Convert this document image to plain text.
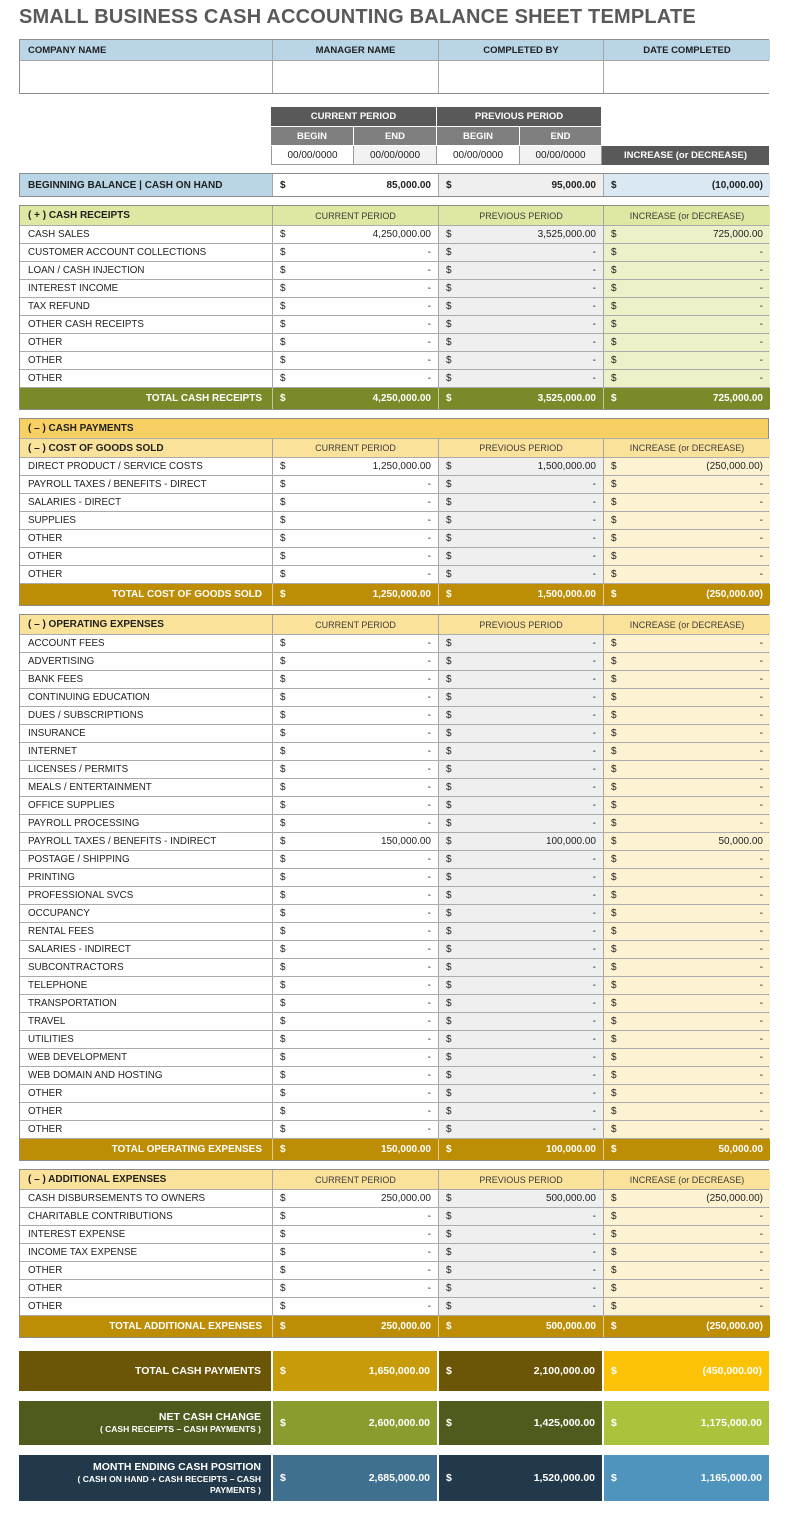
SMALL BUSINESS CASH ACCOUNTING BALANCE SHEET TEMPLATE
COMPANY NAME	MANAGER NAME	COMPLETED BY	DATE COMPLETED
CURRENT PERIOD	PREVIOUS PERIOD
BEGIN	END	BEGIN	END
00/00/0000	00/00/0000	00/00/0000	00/00/0000	INCREASE (or DECREASE)
BEGINNING BALANCE | CASH ON HAND	$	85,000.00 $	95,000.00 $	(10,000.00)
( + ) CASH RECEIPTS	CURRENT PERIOD	PREVIOUS PERIOD	INCREASE (or DECREASE)
CASH SALES	$	4,250,000.00 $	3,525,000.00 $	725,000.00
CUSTOMER ACCOUNT COLLECTIONS	$	- $	- $	-
LOAN / CASH INJECTION	$	- $	- $	-
INTEREST INCOME	$	- $	- $	-
TAX REFUND	$	- $	- $	-
OTHER CASH RECEIPTS	$	- $	- $	-
OTHER	$	- $	- $	-
OTHER	$	- $	- $	-
OTHER	$	- $	- $	-
TOTAL CASH RECEIPTS	$	4,250,000.00 $	3,525,000.00 $	725,000.00
( – ) CASH PAYMENTS
( – ) COST OF GOODS SOLD	CURRENT PERIOD	PREVIOUS PERIOD	INCREASE (or DECREASE)
DIRECT PRODUCT / SERVICE COSTS	$	1,250,000.00 $	1,500,000.00 $	(250,000.00)
PAYROLL TAXES / BENEFITS - DIRECT	$	- $	- $	-
SALARIES - DIRECT	$	- $	- $	-
SUPPLIES	$	- $	- $	-
OTHER	$	- $	- $	-
OTHER	$	- $	- $	-
OTHER	$	- $	- $	-
TOTAL COST OF GOODS SOLD	$	1,250,000.00 $	1,500,000.00 $	(250,000.00)
( – ) OPERATING EXPENSES	CURRENT PERIOD	PREVIOUS PERIOD	INCREASE (or DECREASE)
ACCOUNT FEES	$	- $	- $	-
ADVERTISING	$	- $	- $	-
BANK FEES	$	- $	- $	-
CONTINUING EDUCATION	$	- $	- $	-
DUES / SUBSCRIPTIONS	$	- $	- $	-
INSURANCE	$	- $	- $	-
INTERNET	$	- $	- $	-
LICENSES / PERMITS	$	- $	- $	-
MEALS / ENTERTAINMENT	$	- $	- $	-
OFFICE SUPPLIES	$	- $	- $	-
PAYROLL PROCESSING	$	- $	- $	-
PAYROLL TAXES / BENEFITS - INDIRECT	$	150,000.00 $	100,000.00 $	50,000.00
POSTAGE / SHIPPING	$	- $	- $	-
PRINTING	$	- $	- $	-
PROFESSIONAL SVCS	$	- $	- $	-
OCCUPANCY	$	- $	- $	-
RENTAL FEES	$	- $	- $	-
SALARIES - INDIRECT	$	- $	- $	-
SUBCONTRACTORS	$	- $	- $	-
TELEPHONE	$	- $	- $	-
TRANSPORTATION	$	- $	- $	-
TRAVEL	$	- $	- $	-
UTILITIES	$	- $	- $	-
WEB DEVELOPMENT	$	- $	- $	-
WEB DOMAIN AND HOSTING	$	- $	- $	-
OTHER	$	- $	- $	-
OTHER	$	- $	- $	-
OTHER	$	- $	- $	-
TOTAL OPERATING EXPENSES	$	150,000.00 $	100,000.00 $	50,000.00
( – ) ADDITIONAL EXPENSES	CURRENT PERIOD	PREVIOUS PERIOD	INCREASE (or DECREASE)
CASH DISBURSEMENTS TO OWNERS	$	250,000.00 $	500,000.00 $	(250,000.00)
CHARITABLE CONTRIBUTIONS	$	- $	- $	-
INTEREST EXPENSE	$	- $	- $	-
INCOME TAX EXPENSE	$	- $	- $	-
OTHER	$	- $	- $	-
OTHER	$	- $	- $	-
OTHER	$	- $	- $	-
TOTAL ADDITIONAL EXPENSES	$	250,000.00 $	500,000.00 $	(250,000.00)
TOTAL CASH PAYMENTS $	1,650,000.00 $	2,100,000.00 $	(450,000.00)
NET CASH CHANGE
( CASH RECEIPTS – CASH PAYMENTS ) $	2,600,000.00 $	1,425,000.00 $	1,175,000.00
MONTH ENDING CASH POSITION
( CASH ON HAND + CASH RECEIPTS – CASH PAYMENTS )
$	2,685,000.00 $	1,520,000.00 $	1,165,000.00
